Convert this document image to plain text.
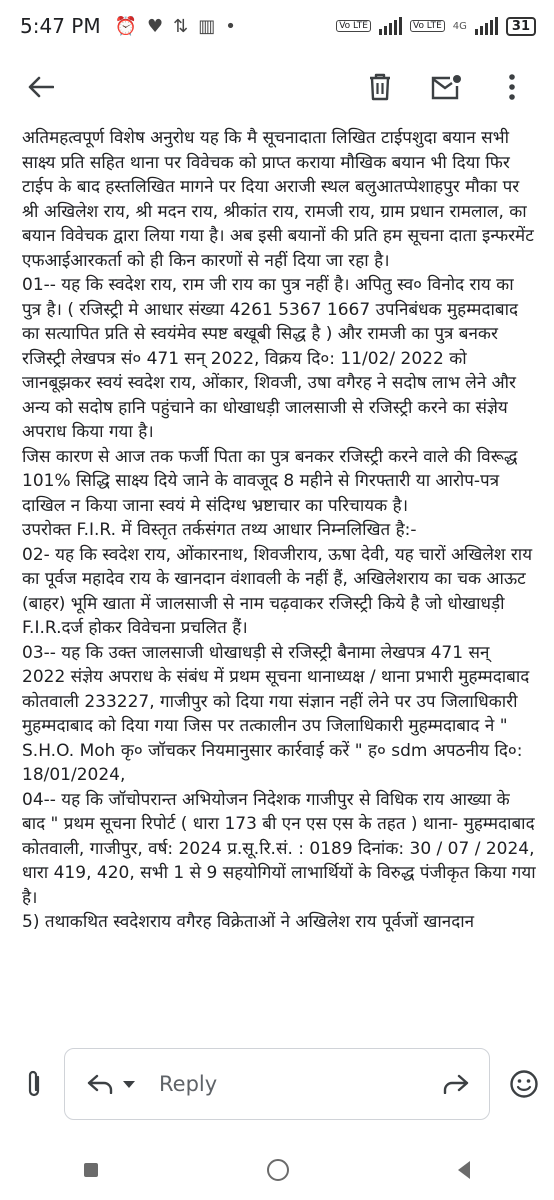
5:47 PM ⏰ ♥ ⇅ ▥ •	Vo LTE	Vo LTE	4G	31

अतिमहत्वपूर्ण विशेष अनुरोध यह कि मै सूचनादाता लिखित टाईपशुदा बयान सभी साक्ष्य प्रति सहित थाना पर विवेचक को प्राप्त कराया मौखिक बयान भी दिया फिर टाईप के बाद हस्तलिखित मागने पर दिया अराजी स्थल बलुआतप्पेशाहपुर मौका पर श्री अखिलेश राय, श्री मदन राय, श्रीकांत राय, रामजी राय, ग्राम प्रधान रामलाल, का बयान विवेचक द्वारा लिया गया है। अब इसी बयानों की प्रति हम सूचना दाता इन्फरमेंट एफआईआरकर्ता को ही किन कारणों से नहीं दिया जा रहा है।

01-- यह कि स्वदेश राय, राम जी राय का पुत्र नहीं है। अपितु स्व० विनोद राय का पुत्र है। ( रजिस्ट्री मे आधार संख्या 4261 5367 1667 उपनिबंधक मुहम्मदाबाद का सत्यापित प्रति से स्वयंमेव स्पष्ट बखूबी सिद्ध है ) और रामजी का पुत्र बनकर रजिस्ट्री लेखपत्र सं० 471 सन् 2022, विक्रय दि०: 11/02/ 2022 को जानबूझकर स्वयं स्वदेश राय, ओंकार, शिवजी, उषा वगैरह ने सदोष लाभ लेने और अन्य को सदोष हानि पहुंचाने का धोखाधड़ी जालसाजी से रजिस्ट्री करने का संज्ञेय अपराध किया गया है।

जिस कारण से आज तक फर्जी पिता का पुत्र बनकर रजिस्ट्री करने वाले की विरूद्ध 101% सिद्धि साक्ष्य दिये जाने के वावजूद 8 महीने से गिरफ्तारी या आरोप-पत्र दाखिल न किया जाना स्वयं मे संदिग्ध भ्रष्टाचार का परिचायक है।

उपरोक्त F.I.R. में विस्तृत तर्कसंगत तथ्य आधार निम्नलिखित है:-

02- यह कि स्वदेश राय, ओंकारनाथ, शिवजीराय, ऊषा देवी, यह चारों अखिलेश राय का पूर्वज महादेव राय के खानदान वंशावली के नहीं हैं, अखिलेशराय का चक आऊट (बाहर) भूमि खाता में जालसाजी से नाम चढ़वाकर रजिस्ट्री किये है जो धोखाधड़ी F.I.R.दर्ज होकर विवेचना प्रचलित हैं।

03-- यह कि उक्त जालसाजी धोखाधड़ी से रजिस्ट्री बैनामा लेखपत्र 471 सन् 2022 संज्ञेय अपराध के संबंध में प्रथम सूचना थानाध्यक्ष / थाना प्रभारी मुहम्मदाबाद कोतवाली 233227, गाजीपुर को दिया गया संज्ञान नहीं लेने पर उप जिलाधिकारी मुहम्मदाबाद को दिया गया जिस पर तत्कालीन उप जिलाधिकारी मुहम्मदाबाद ने " S.H.O. Moh कृ० जॉचकर नियमानुसार कार्रवाई करें " ह० sdm अपठनीय दि०: 18/01/2024,

04-- यह कि जॉचोपरान्त अभियोजन निदेशक गाजीपुर से विधिक राय आख्या के बाद " प्रथम सूचना रिपोर्ट ( धारा 173 बी एन एस एस के तहत ) थाना- मुहम्मदाबाद कोतवाली, गाजीपुर, वर्ष: 2024 प्र.सू.रि.सं. : 0189 दिनांक: 30 / 07 / 2024, धारा 419, 420, सभी 1 से 9 सहयोगियों लाभार्थियों के विरुद्ध पंजीकृत किया गया है।

5) तथाकथित स्वदेशराय वगैरह विक्रेताओं ने अखिलेश राय पूर्वजों खानदान

Reply
